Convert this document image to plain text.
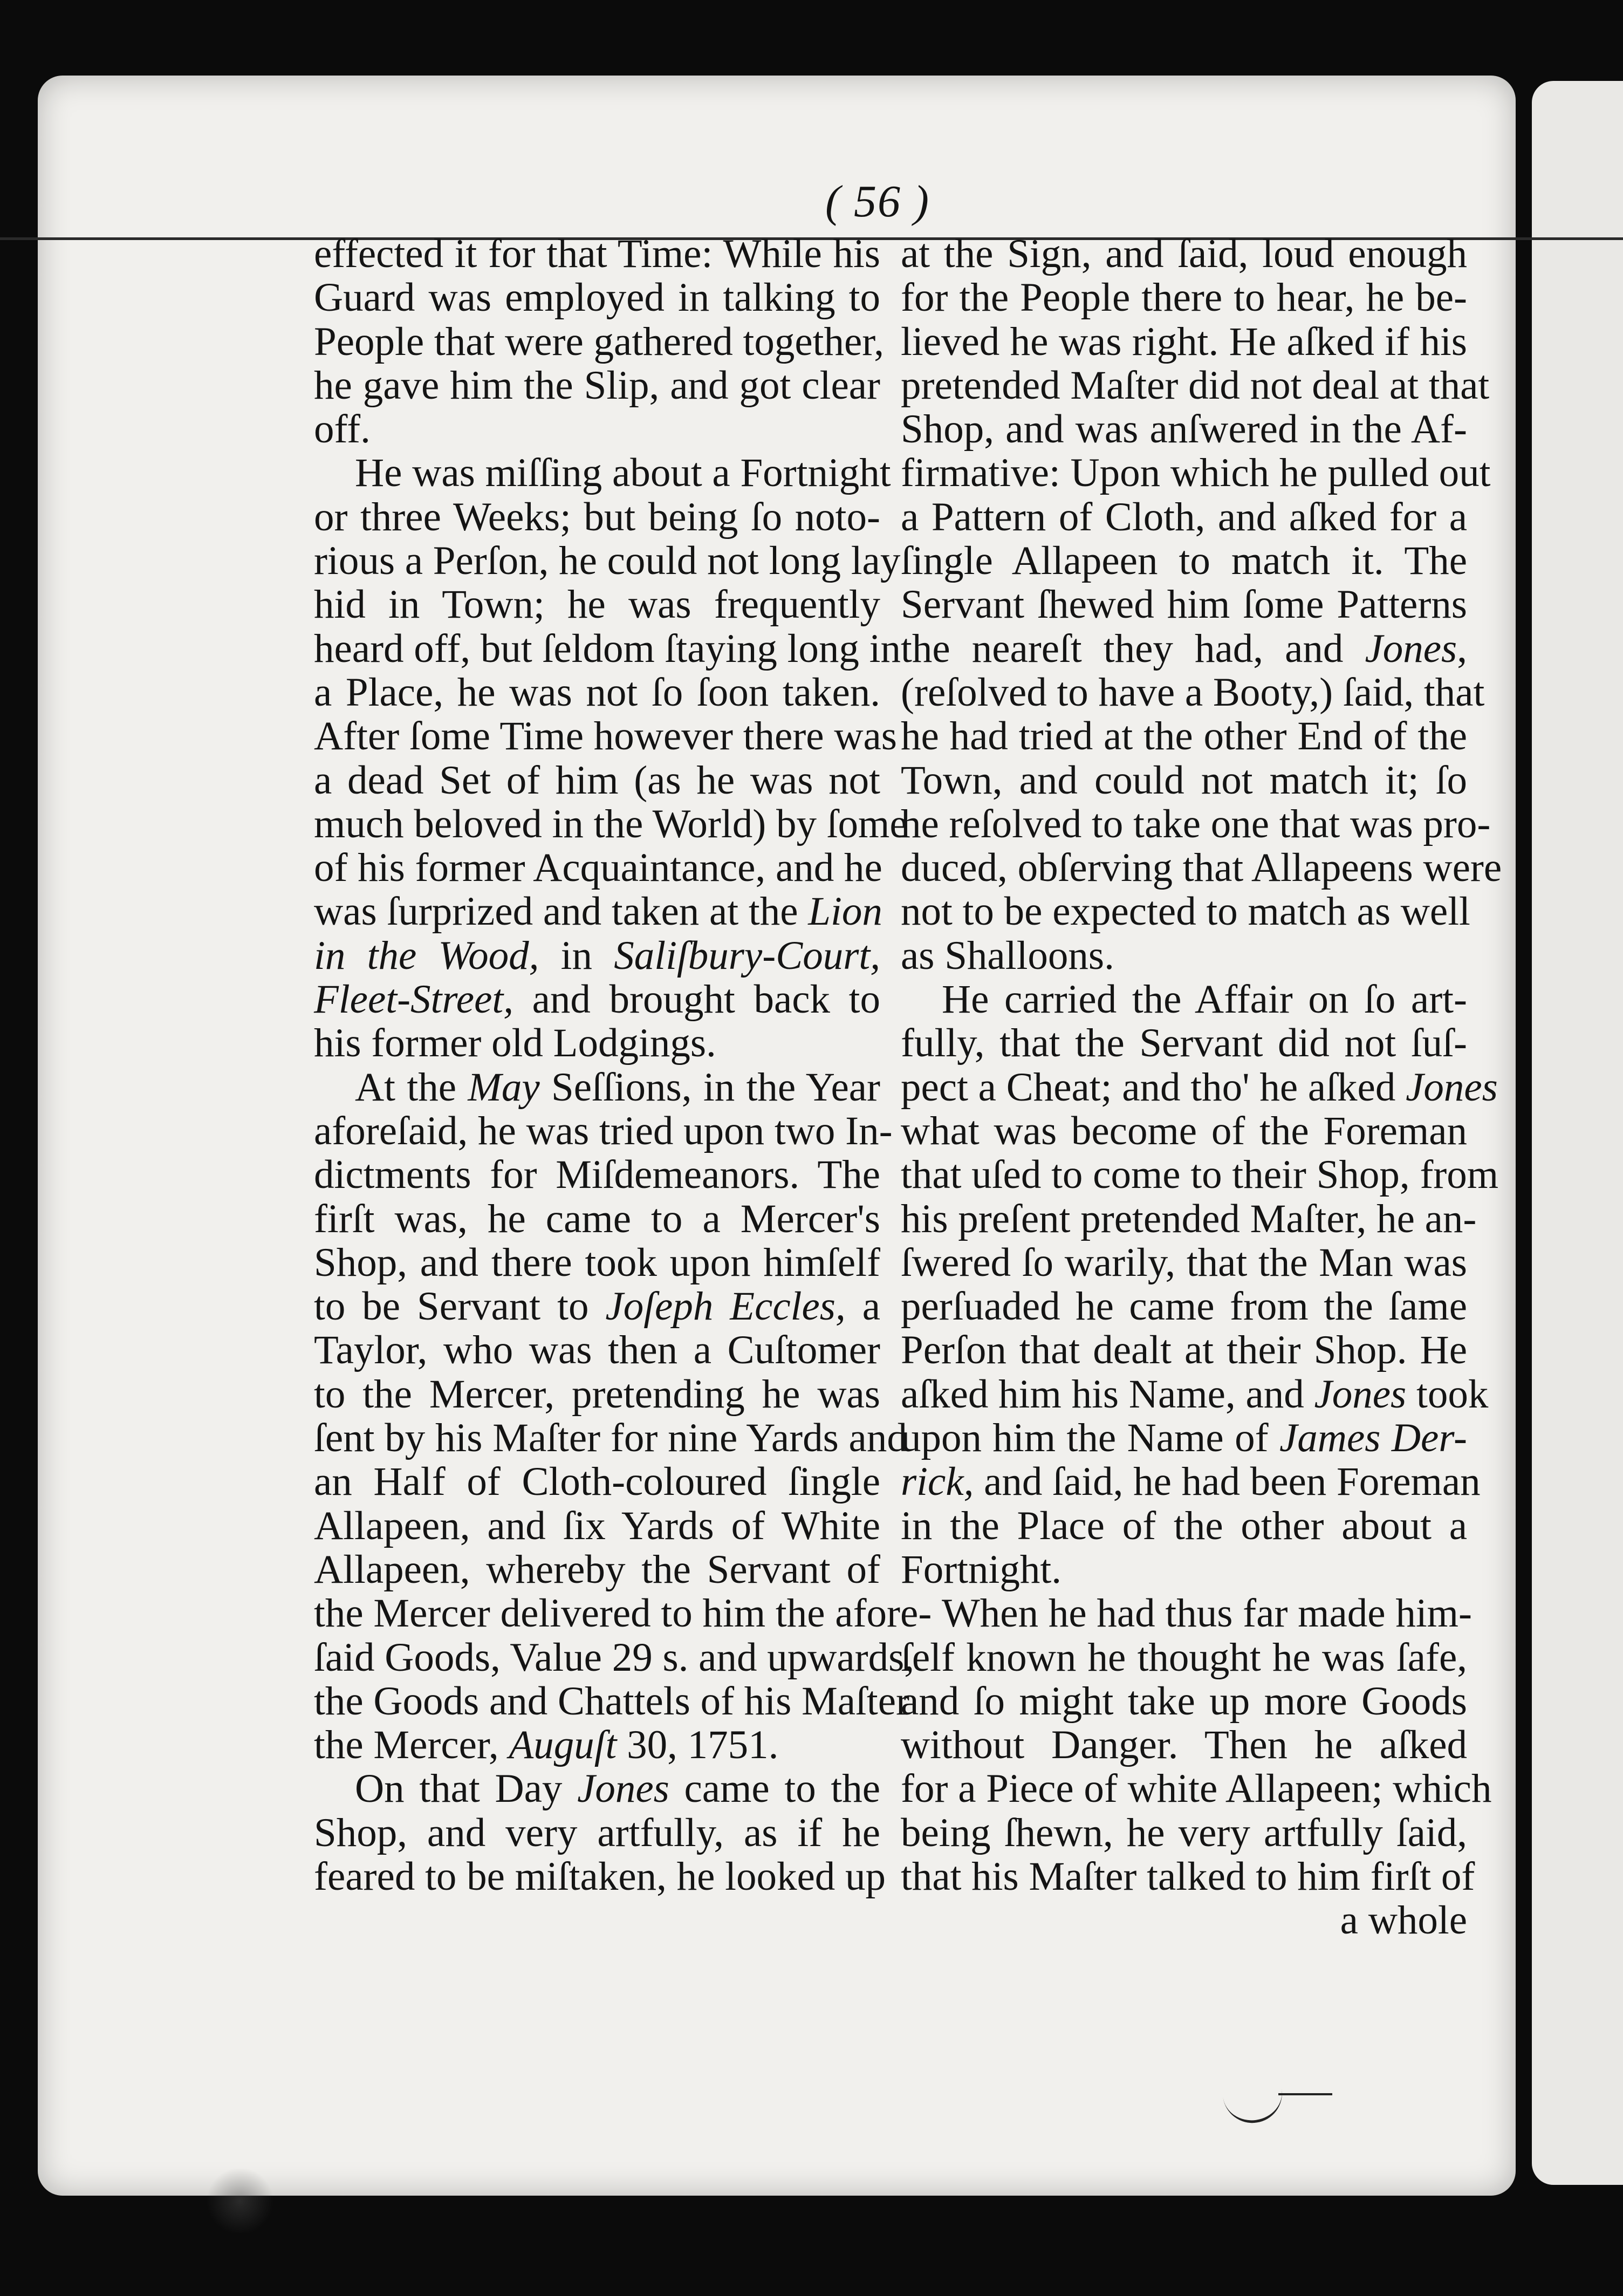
( 56 )
effected it for that Time: While his
Guard was employed in talking to
People that were gathered together,
he gave him the Slip, and got clear
off.
He was miſſing about a Fortnight
or three Weeks; but being ſo noto-
rious a Perſon, he could not long lay
hid in Town; he was frequently
heard off, but ſeldom ſtaying long in
a Place, he was not ſo ſoon taken.
After ſome Time however there was
a dead Set of him (as he was not
much beloved in the World) by ſome
of his former Acquaintance, and he
was ſurprized and taken at the Lion
in the Wood, in Saliſbury-Court,
Fleet-Street, and brought back to
his former old Lodgings.
At the May Seſſions, in the Year
aforeſaid, he was tried upon two In-
dictments for Miſdemeanors. The
firſt was, he came to a Mercer's
Shop, and there took upon himſelf
to be Servant to Joſeph Eccles, a
Taylor, who was then a Cuſtomer
to the Mercer, pretending he was
ſent by his Maſter for nine Yards and
an Half of Cloth-coloured ſingle
Allapeen, and ſix Yards of White
Allapeen, whereby the Servant of
the Mercer delivered to him the afore-
ſaid Goods, Value 29 s. and upwards,
the Goods and Chattels of his Maſter
the Mercer, Auguſt 30, 1751.
On that Day Jones came to the
Shop, and very artfully, as if he
feared to be miſtaken, he looked up
at the Sign, and ſaid, loud enough
for the People there to hear, he be-
lieved he was right. He aſked if his
pretended Maſter did not deal at that
Shop, and was anſwered in the Af-
firmative: Upon which he pulled out
a Pattern of Cloth, and aſked for a
ſingle Allapeen to match it. The
Servant ſhewed him ſome Patterns
the neareſt they had, and Jones,
(reſolved to have a Booty,) ſaid, that
he had tried at the other End of the
Town, and could not match it; ſo
he reſolved to take one that was pro-
duced, obſerving that Allapeens were
not to be expected to match as well
as Shalloons.
He carried the Affair on ſo art-
fully, that the Servant did not ſuſ-
pect a Cheat; and tho' he aſked Jones
what was become of the Foreman
that uſed to come to their Shop, from
his preſent pretended Maſter, he an-
ſwered ſo warily, that the Man was
perſuaded he came from the ſame
Perſon that dealt at their Shop. He
aſked him his Name, and Jones took
upon him the Name of James Der-
rick, and ſaid, he had been Foreman
in the Place of the other about a
Fortnight.
When he had thus far made him-
ſelf known he thought he was ſafe,
and ſo might take up more Goods
without Danger. Then he aſked
for a Piece of white Allapeen; which
being ſhewn, he very artfully ſaid,
that his Maſter talked to him firſt of
a whole
